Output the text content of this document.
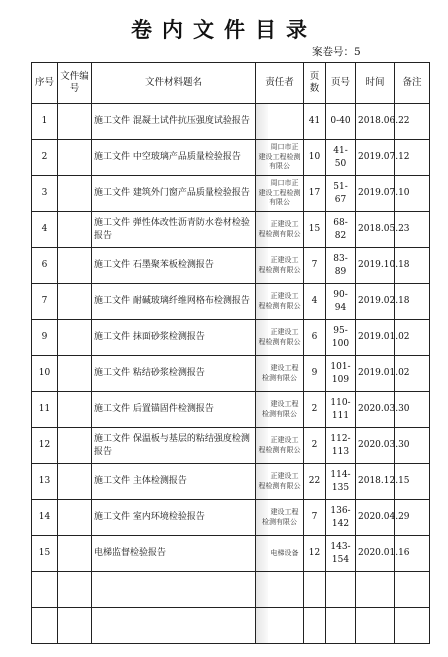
卷内文件目录
案卷号：5
序号	文件编号	文件材料题名	责任者	页数	页号	时间	备注
1		施工文件 混凝土试件抗压强度试验报告		41	0-40	2018.06.22	
2		施工文件 中空玻璃产品质量检验报告	周口市正建设工程检测有限公	10	41-50	2019.07.12	
3		施工文件 建筑外门窗产品质量检验报告	周口市正建设工程检测有限公	17	51-67	2019.07.10	
4		施工文件 弹性体改性沥青防水卷材检验报告	正建设工程检测有限公	15	68-82	2018.05.23	
6		施工文件 石墨聚苯板检测报告	正建设工程检测有限公	7	83-89	2019.10.18	
7		施工文件 耐碱玻璃纤维网格布检测报告	正建设工程检测有限公	4	90-94	2019.02.18	
9		施工文件 抹面砂浆检测报告	正建设工程检测有限公	6	95-100	2019.01.02	
10		施工文件 粘结砂浆检测报告	建设工程检测有限公	9	101-109	2019.01.02	
11		施工文件 后置锚固件检测报告	建设工程检测有限公	2	110-111	2020.03.30	
12		施工文件 保温板与基层的粘结强度检测报告	正建设工程检测有限公	2	112-113	2020.03.30	
13		施工文件 主体检测报告	正建设工程检测有限公	22	114-135	2018.12.15	
14		施工文件 室内环境检验报告	建设工程检测有限公	7	136-142	2020.04.29	
15		电梯监督检验报告	电梯设备	12	143-154	2020.01.16	
